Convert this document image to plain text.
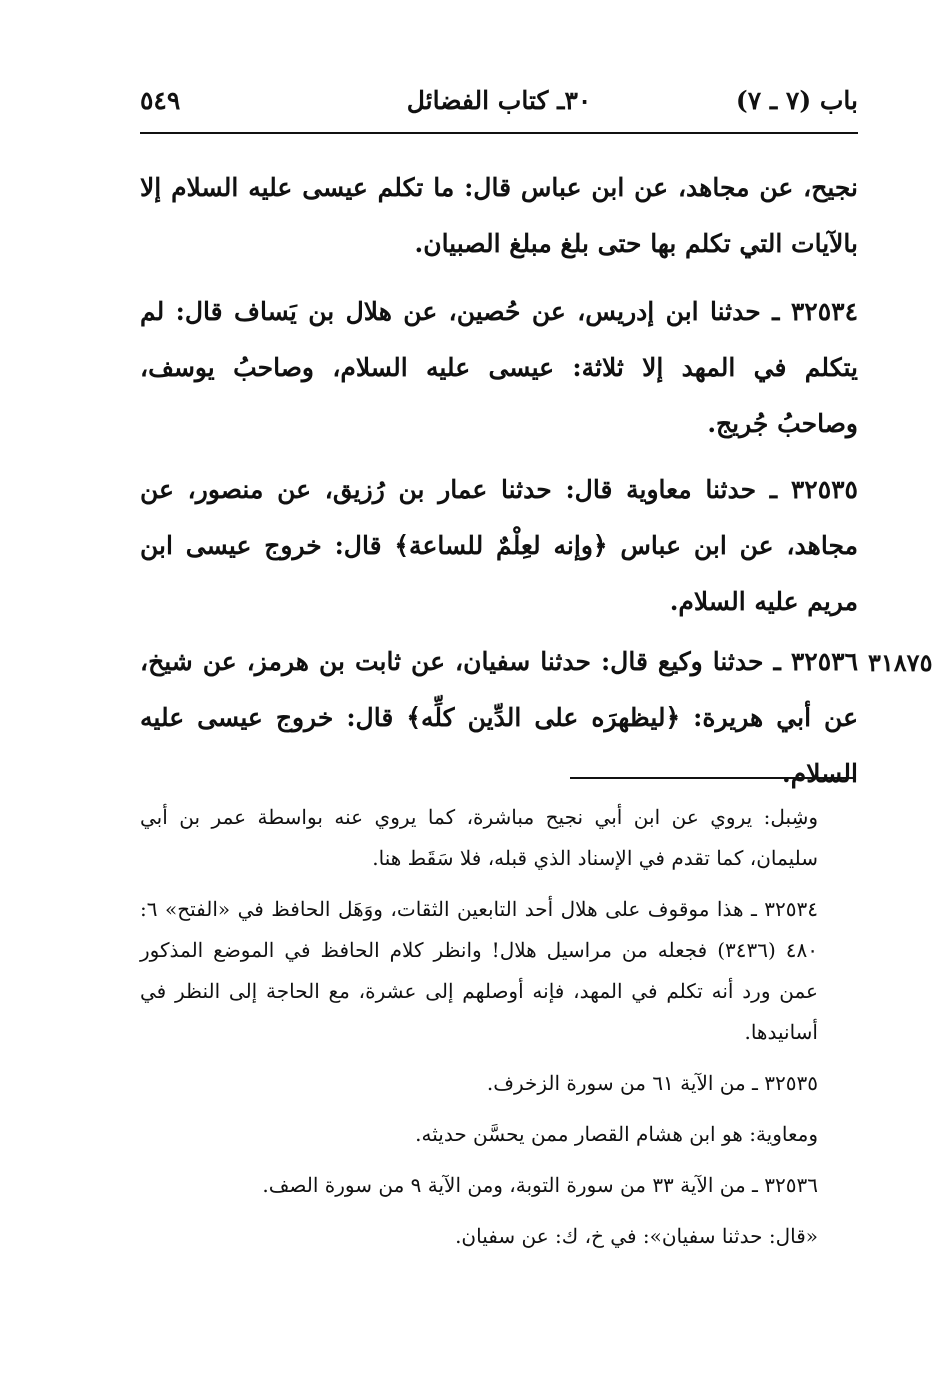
باب (٧ ـ ٧)
٣٠ـ كتاب الفضائل
٥٤٩

نجيح، عن مجاهد، عن ابن عباس قال: ما تكلم عيسى عليه السلام إلا بالآيات التي تكلم بها حتى بلغ مبلغ الصبيان.

٣٢٥٣٤ ـ حدثنا ابن إدريس، عن حُصين، عن هلال بن يَساف قال: لم يتكلم في المهد إلا ثلاثة: عيسى عليه السلام، وصاحبُ يوسف، وصاحبُ جُريج.

٣٢٥٣٥ ـ حدثنا معاوية قال: حدثنا عمار بن رُزيق، عن منصور، عن مجاهد، عن ابن عباس ﴿وإنه لعِلْمٌ للساعة﴾ قال: خروج عيسى ابن مريم عليه السلام.

٣٢٥٣٦ ـ حدثنا وكيع قال: حدثنا سفيان، عن ثابت بن هرمز، عن شيخ، عن أبي هريرة: ﴿ليظهرَه على الدِّين كلِّه﴾ قال: خروج عيسى عليه السلام.

٣١٨٧٥

وشِبل: يروي عن ابن أبي نجيح مباشرة، كما يروي عنه بواسطة عمر بن أبي سليمان، كما تقدم في الإسناد الذي قبله، فلا سَقَط هنا.

٣٢٥٣٤ ـ هذا موقوف على هلال أحد التابعين الثقات، ووَهَل الحافظ في «الفتح» ٦: ٤٨٠ (٣٤٣٦) فجعله من مراسيل هلال! وانظر كلام الحافظ في الموضع المذكور عمن ورد أنه تكلم في المهد، فإنه أوصلهم إلى عشرة، مع الحاجة إلى النظر في أسانيدها.

٣٢٥٣٥ ـ من الآية ٦١ من سورة الزخرف.

ومعاوية: هو ابن هشام القصار ممن يحسَّن حديثه.

٣٢٥٣٦ ـ من الآية ٣٣ من سورة التوبة، ومن الآية ٩ من سورة الصف.

«قال: حدثنا سفيان»: في خ، ك: عن سفيان.
